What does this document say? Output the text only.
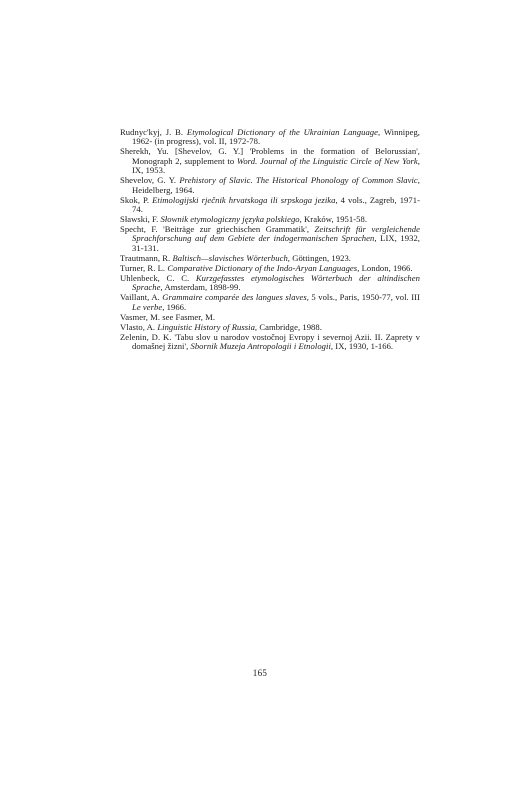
Rudnyc'kyj, J. B. Etymological Dictionary of the Ukrainian Language, Winnipeg, 1962- (in progress), vol. II, 1972-78.
Sherekh, Yu. [Shevelov, G. Y.] 'Problems in the formation of Belorussian', Monograph 2, supplement to Word. Journal of the Linguistic Circle of New York, IX, 1953.
Shevelov, G. Y. Prehistory of Slavic. The Historical Phonology of Common Slavic, Heidelberg, 1964.
Skok, P. Etimologijski rječnik hrvatskoga ili srpskoga jezika, 4 vols., Zagreb, 1971-74.
Sławski, F. Słownik etymologiczny języka polskiego, Kraków, 1951-58.
Specht, F. 'Beiträge zur griechischen Grammatik', Zeitschrift für vergleichende Sprachforschung auf dem Gebiete der indogermanischen Sprachen, LIX, 1932, 31-131.
Trautmann, R. Baltisch—slavisches Wörterbuch, Göttingen, 1923.
Turner, R. L. Comparative Dictionary of the Indo-Aryan Languages, London, 1966.
Uhlenbeck, C. C. Kurzgefasstes etymologisches Wörterbuch der altindischen Sprache, Amsterdam, 1898-99.
Vaillant, A. Grammaire comparée des langues slaves, 5 vols., Paris, 1950-77, vol. III Le verbe, 1966.
Vasmer, M. see Fasmer, M.
Vlasto, A. Linguistic History of Russia, Cambridge, 1988.
Zelenin, D. K. 'Tabu slov u narodov vostočnoj Evropy i severnoj Azii. II. Zaprety v domašnej žizni', Sbornik Muzeja Antropologii i Etnologii, IX, 1930, 1-166.
165
